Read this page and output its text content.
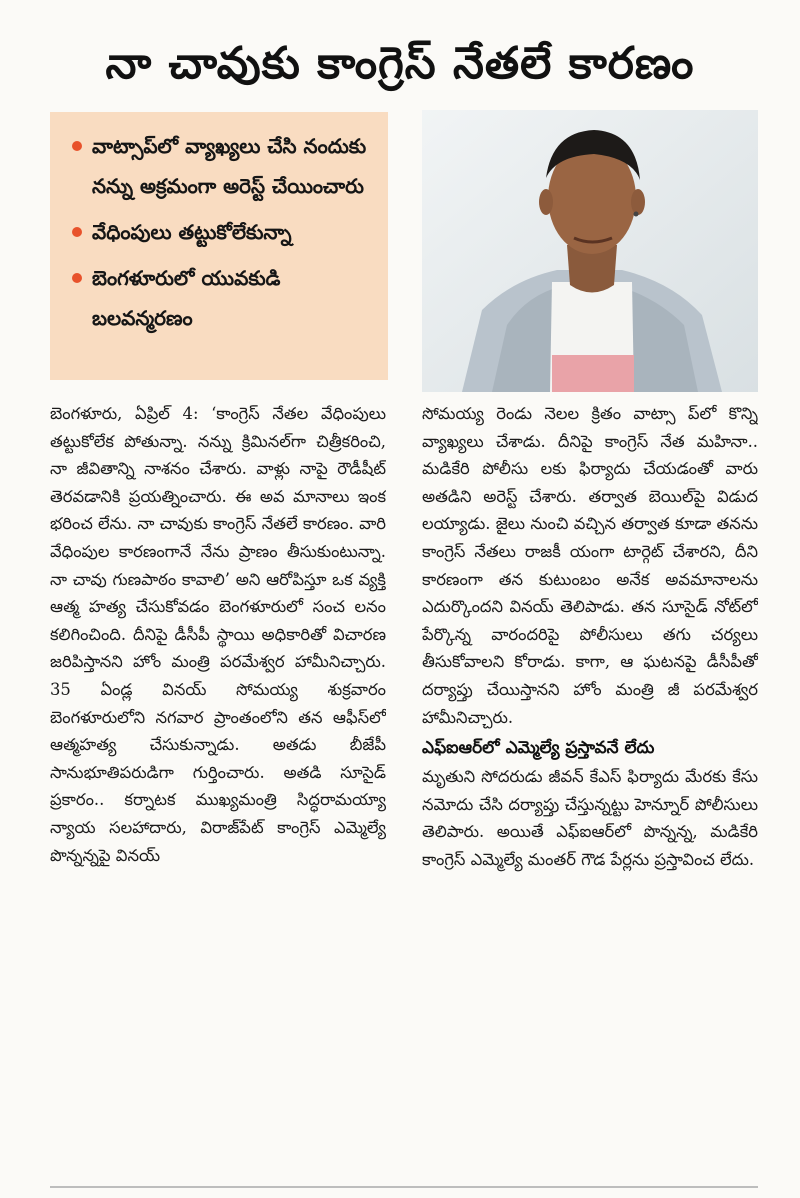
నా చావుకు కాంగ్రెస్ నేతలే కారణం
వాట్సాప్‌లో వ్యాఖ్యలు చేసి నందుకు నన్ను అక్రమంగా అరెస్ట్ చేయించారు
వేధింపులు తట్టుకోలేకున్నా
బెంగళూరులో యువకుడి బలవన్మరణం

బెంగళూరు, ఏప్రిల్ 4: ‘కాంగ్రెస్ నేతల వేధింపులు తట్టుకోలేక పోతున్నా. నన్ను క్రిమినల్‌గా చిత్రీకరించి, నా జీవితాన్ని నాశనం చేశారు. వాళ్లు నాపై రౌడీషీట్ తెరవడానికి ప్రయత్నించారు. ఈ అవ మానాలు ఇంక భరించ లేను. నా చావుకు కాంగ్రెస్ నేతలే కారణం. వారి వేధింపుల కారణంగానే నేను ప్రాణం తీసుకుంటున్నా. నా చావు గుణపాఠం కావాలి’ అని ఆరోపిస్తూ ఒక వ్యక్తి ఆత్మ హత్య చేసుకోవడం బెంగళూరులో సంచ లనం కలిగించింది. దీనిపై డీసీపీ స్థాయి అధికారితో విచారణ జరిపిస్తానని హోం మంత్రి పరమేశ్వర హామీనిచ్చారు. 35 ఏండ్ల వినయ్ సోమయ్య శుక్రవారం బెంగళూరులోని నగవార ప్రాంతంలోని తన ఆఫీస్‌లో ఆత్మహత్య చేసుకున్నాడు. అతడు బీజేపీ సానుభూతిపరుడిగా గుర్తించారు. అతడి సూసైడ్ ప్రకారం.. కర్నాటక ముఖ్యమంత్రి సిద్ధరామయ్యా న్యాయ సలహాదారు, విరాజ్‌పేట్ కాంగ్రెస్ ఎమ్మెల్యే పొన్నన్నపై వినయ్

సోమయ్య రెండు నెలల క్రితం వాట్సా ప్‌లో కొన్ని వ్యాఖ్యలు చేశాడు. దీనిపై కాంగ్రెస్ నేత మహినా.. మడికేరి పోలీసు లకు ఫిర్యాదు చేయడంతో వారు అతడిని అరెస్ట్ చేశారు. తర్వాత బెయిల్‌పై విడుద లయ్యాడు. జైలు నుంచి వచ్చిన తర్వాత కూడా తనను కాంగ్రెస్ నేతలు రాజకీ యంగా టార్గెట్ చేశారని, దీని కారణంగా తన కుటుంబం అనేక అవమానాలను ఎదుర్కొందని వినయ్ తెలిపాడు. తన సూసైడ్ నోట్‌లో పేర్కొన్న వారందరిపై పోలీసులు తగు చర్యలు తీసుకోవాలని కోరాడు. కాగా, ఆ ఘటనపై డీసీపీతో దర్యాప్తు చేయిస్తానని హోం మంత్రి జీ పరమేశ్వర హామీనిచ్చారు.

ఎఫ్ఐఆర్‌లో ఎమ్మెల్యే ప్రస్తావనే లేదు

మృతుని సోదరుడు జీవన్ కేఎస్ ఫిర్యాదు మేరకు కేసు నమోదు చేసి దర్యాప్తు చేస్తున్నట్టు హెన్నూర్ పోలీసులు తెలిపారు. అయితే ఎఫ్ఐఆర్‌లో పొన్నన్న, మడికేరి కాంగ్రెస్ ఎమ్మెల్యే మంతర్ గౌడ పేర్లను ప్రస్తావించ లేదు.
